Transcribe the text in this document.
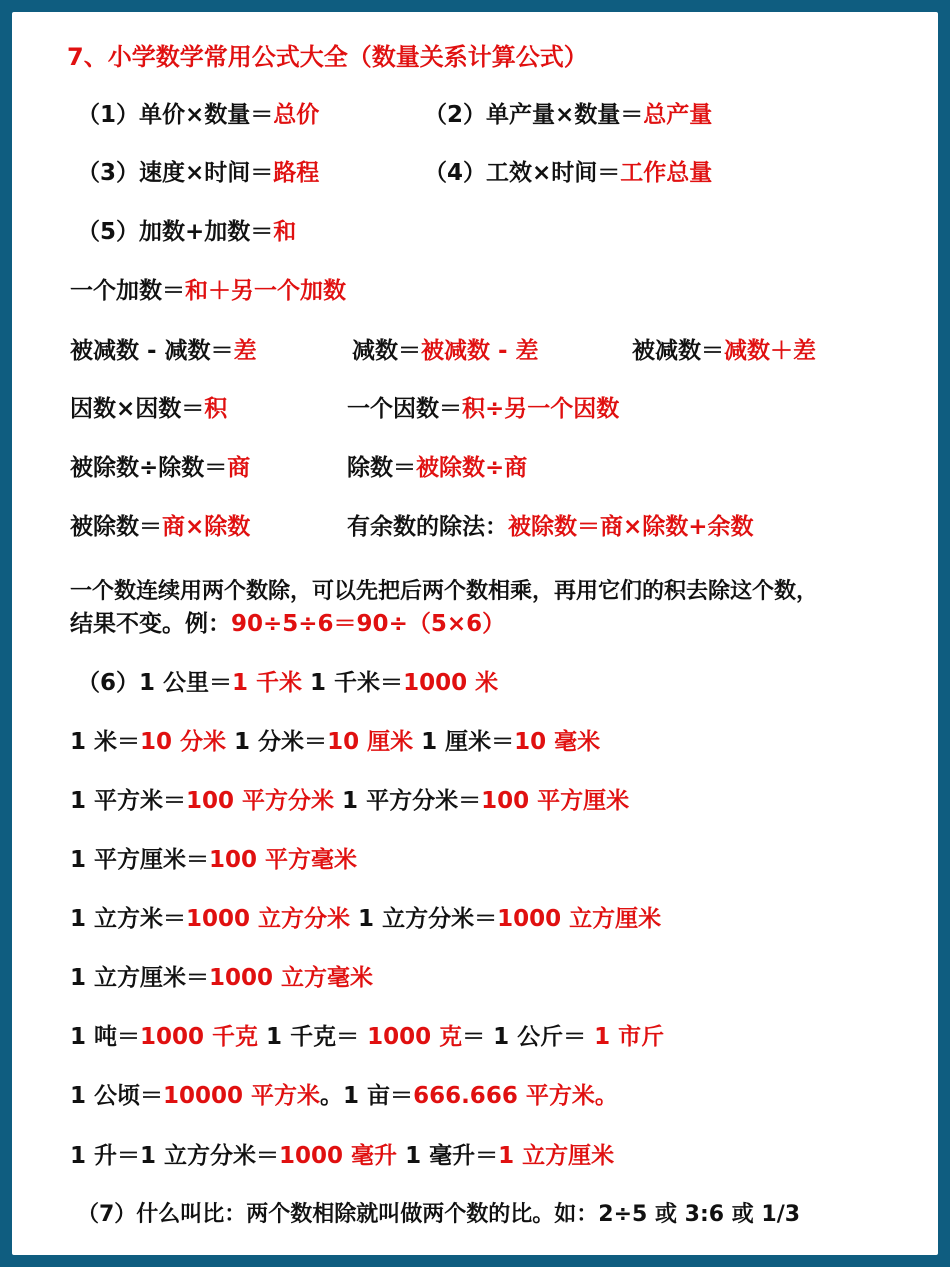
7、小学数学常用公式大全（数量关系计算公式）
（1）单价×数量＝总价	（2）单产量×数量＝总产量
（3）速度×时间＝路程	（4）工效×时间＝工作总量
（5）加数+加数＝和
一个加数＝和＋另一个加数
被减数 - 减数＝差	减数＝被减数 - 差	被减数＝减数＋差
因数×因数＝积	一个因数＝积÷另一个因数
被除数÷除数＝商	除数＝被除数÷商
被除数＝商×除数	有余数的除法：被除数＝商×除数+余数
一个数连续用两个数除，可以先把后两个数相乘，再用它们的积去除这个数，
结果不变。例：90÷5÷6＝90÷（5×6）
（6）1 公里＝1 千米 1 千米＝1000 米
1 米＝10 分米 1 分米＝10 厘米 1 厘米＝10 毫米
1 平方米＝100 平方分米 1 平方分米＝100 平方厘米
1 平方厘米＝100 平方毫米
1 立方米＝1000 立方分米 1 立方分米＝1000 立方厘米
1 立方厘米＝1000 立方毫米
1 吨＝1000 千克 1 千克＝ 1000 克＝ 1 公斤＝ 1 市斤
1 公顷＝10000 平方米。1 亩＝666.666 平方米。
1 升＝1 立方分米＝1000 毫升 1 毫升＝1 立方厘米
（7）什么叫比：两个数相除就叫做两个数的比。如：2÷5 或 3:6 或 1/3
